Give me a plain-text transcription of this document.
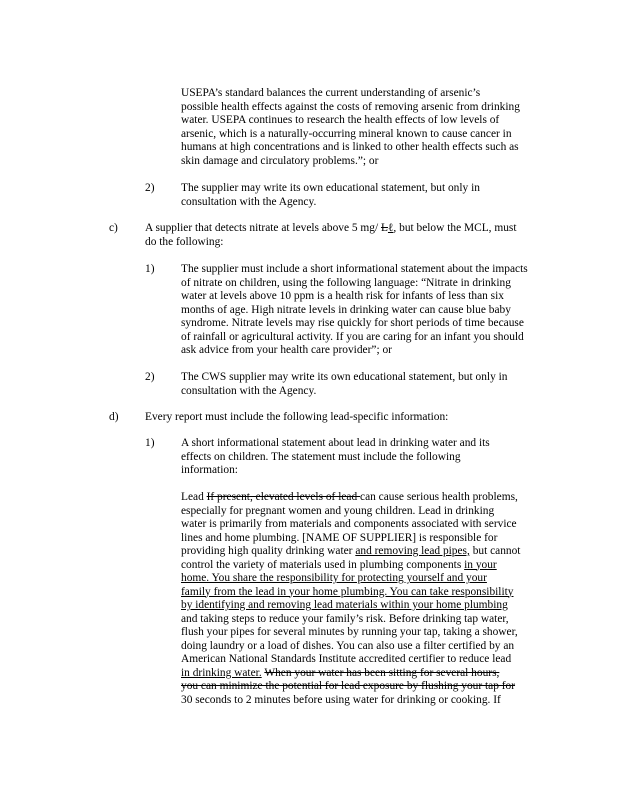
USEPA’s standard balances the current understanding of arsenic’s
possible health effects against the costs of removing arsenic from drinking
water. USEPA continues to research the health effects of low levels of
arsenic, which is a naturally-occurring mineral known to cause cancer in
humans at high concentrations and is linked to other health effects such as
skin damage and circulatory problems.”; or
2) The supplier may write its own educational statement, but only in
consultation with the Agency.
c) A supplier that detects nitrate at levels above 5 mg/ Lℓ, but below the MCL, must
do the following:
1) The supplier must include a short informational statement about the impacts
of nitrate on children, using the following language: “Nitrate in drinking
water at levels above 10 ppm is a health risk for infants of less than six
months of age. High nitrate levels in drinking water can cause blue baby
syndrome. Nitrate levels may rise quickly for short periods of time because
of rainfall or agricultural activity. If you are caring for an infant you should
ask advice from your health care provider”; or
2) The CWS supplier may write its own educational statement, but only in
consultation with the Agency.
d) Every report must include the following lead-specific information:
1) A short informational statement about lead in drinking water and its
effects on children. The statement must include the following
information:
Lead If present, elevated levels of lead can cause serious health problems,
especially for pregnant women and young children. Lead in drinking
water is primarily from materials and components associated with service
lines and home plumbing. [NAME OF SUPPLIER] is responsible for
providing high quality drinking water and removing lead pipes, but cannot
control the variety of materials used in plumbing components in your
home. You share the responsibility for protecting yourself and your
family from the lead in your home plumbing. You can take responsibility
by identifying and removing lead materials within your home plumbing
and taking steps to reduce your family’s risk. Before drinking tap water,
flush your pipes for several minutes by running your tap, taking a shower,
doing laundry or a load of dishes. You can also use a filter certified by an
American National Standards Institute accredited certifier to reduce lead
in drinking water. When your water has been sitting for several hours,
you can minimize the potential for lead exposure by flushing your tap for
30 seconds to 2 minutes before using water for drinking or cooking. If
